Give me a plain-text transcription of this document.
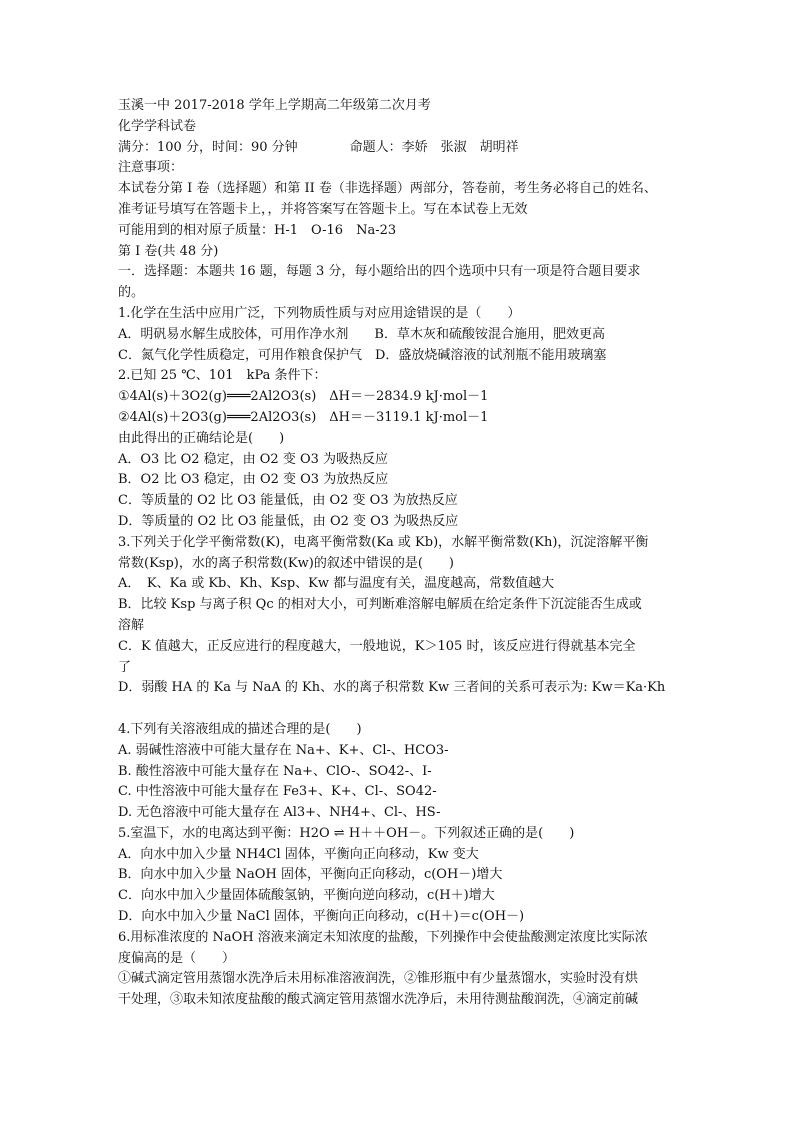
玉溪一中 2017-2018 学年上学期高二年级第二次月考
化学学科试卷
满分：100 分，时间：90 分钟　　　　命题人：李娇　张淑　胡明祥
注意事项：
本试卷分第 I 卷（选择题）和第 II 卷（非选择题）两部分，答卷前，考生务必将自己的姓名、
准考证号填写在答题卡上，，并将答案写在答题卡上。写在本试卷上无效
可能用到的相对原子质量：H-1　O-16　Na-23
第 I 卷(共 48 分)
一．选择题：本题共 16 题，每题 3 分，每小题给出的四个选项中只有一项是符合题目要求
的。
1.化学在生活中应用广泛，下列物质性质与对应用途错误的是（　　）
A．明矾易水解生成胶体，可用作净水剂　　B．草木灰和硫酸铵混合施用，肥效更高
C．氮气化学性质稳定，可用作粮食保护气　D．盛放烧碱溶液的试剂瓶不能用玻璃塞
2.已知 25 ℃、101　kPa 条件下：
①4Al(s)＋3O2(g)═══2Al2O3(s)　ΔH＝－2834.9 kJ·mol－1
②4Al(s)＋2O3(g)═══2Al2O3(s)　ΔH＝－3119.1 kJ·mol－1
由此得出的正确结论是(　　)
A．O3 比 O2 稳定，由 O2 变 O3 为吸热反应
B．O2 比 O3 稳定，由 O2 变 O3 为放热反应
C．等质量的 O2 比 O3 能量低，由 O2 变 O3 为放热反应
D．等质量的 O2 比 O3 能量低，由 O2 变 O3 为吸热反应
3.下列关于化学平衡常数(K)，电离平衡常数(Ka 或 Kb)，水解平衡常数(Kh)，沉淀溶解平衡
常数(Ksp)，水的离子积常数(Kw)的叙述中错误的是(　　)
A．　K、Ka 或 Kb、Kh、Ksp、Kw 都与温度有关，温度越高，常数值越大
B．比较 Ksp 与离子积 Qc 的相对大小，可判断难溶解电解质在给定条件下沉淀能否生成或
溶解
C．K 值越大，正反应进行的程度越大，一般地说，K＞105 时，该反应进行得就基本完全
了
D．弱酸 HA 的 Ka 与 NaA 的 Kh、水的离子积常数 Kw 三者间的关系可表示为: Kw＝Ka·Kh
4.下列有关溶液组成的描述合理的是(　　)
A. 弱碱性溶液中可能大量存在 Na+、K+、Cl-、HCO3-
B. 酸性溶液中可能大量存在 Na+、ClO-、SO42-、I-
C. 中性溶液中可能大量存在 Fe3+、K+、Cl-、SO42-
D. 无色溶液中可能大量存在 Al3+、NH4+、Cl-、HS-
5.室温下，水的电离达到平衡：H2O ⇌ H＋＋OH－。下列叙述正确的是(　　)
A．向水中加入少量 NH4Cl 固体，平衡向正向移动，Kw 变大
B．向水中加入少量 NaOH 固体，平衡向正向移动，c(OH－)增大
C．向水中加入少量固体硫酸氢钠，平衡向逆向移动，c(H＋)增大
D．向水中加入少量 NaCl 固体，平衡向正向移动，c(H＋)＝c(OH－)
6.用标准浓度的 NaOH 溶液来滴定未知浓度的盐酸，下列操作中会使盐酸测定浓度比实际浓
度偏高的是（　　）
①碱式滴定管用蒸馏水洗净后未用标准溶液润洗，②锥形瓶中有少量蒸馏水，实验时没有烘
干处理，③取未知浓度盐酸的酸式滴定管用蒸馏水洗净后，未用待测盐酸润洗，④滴定前碱
